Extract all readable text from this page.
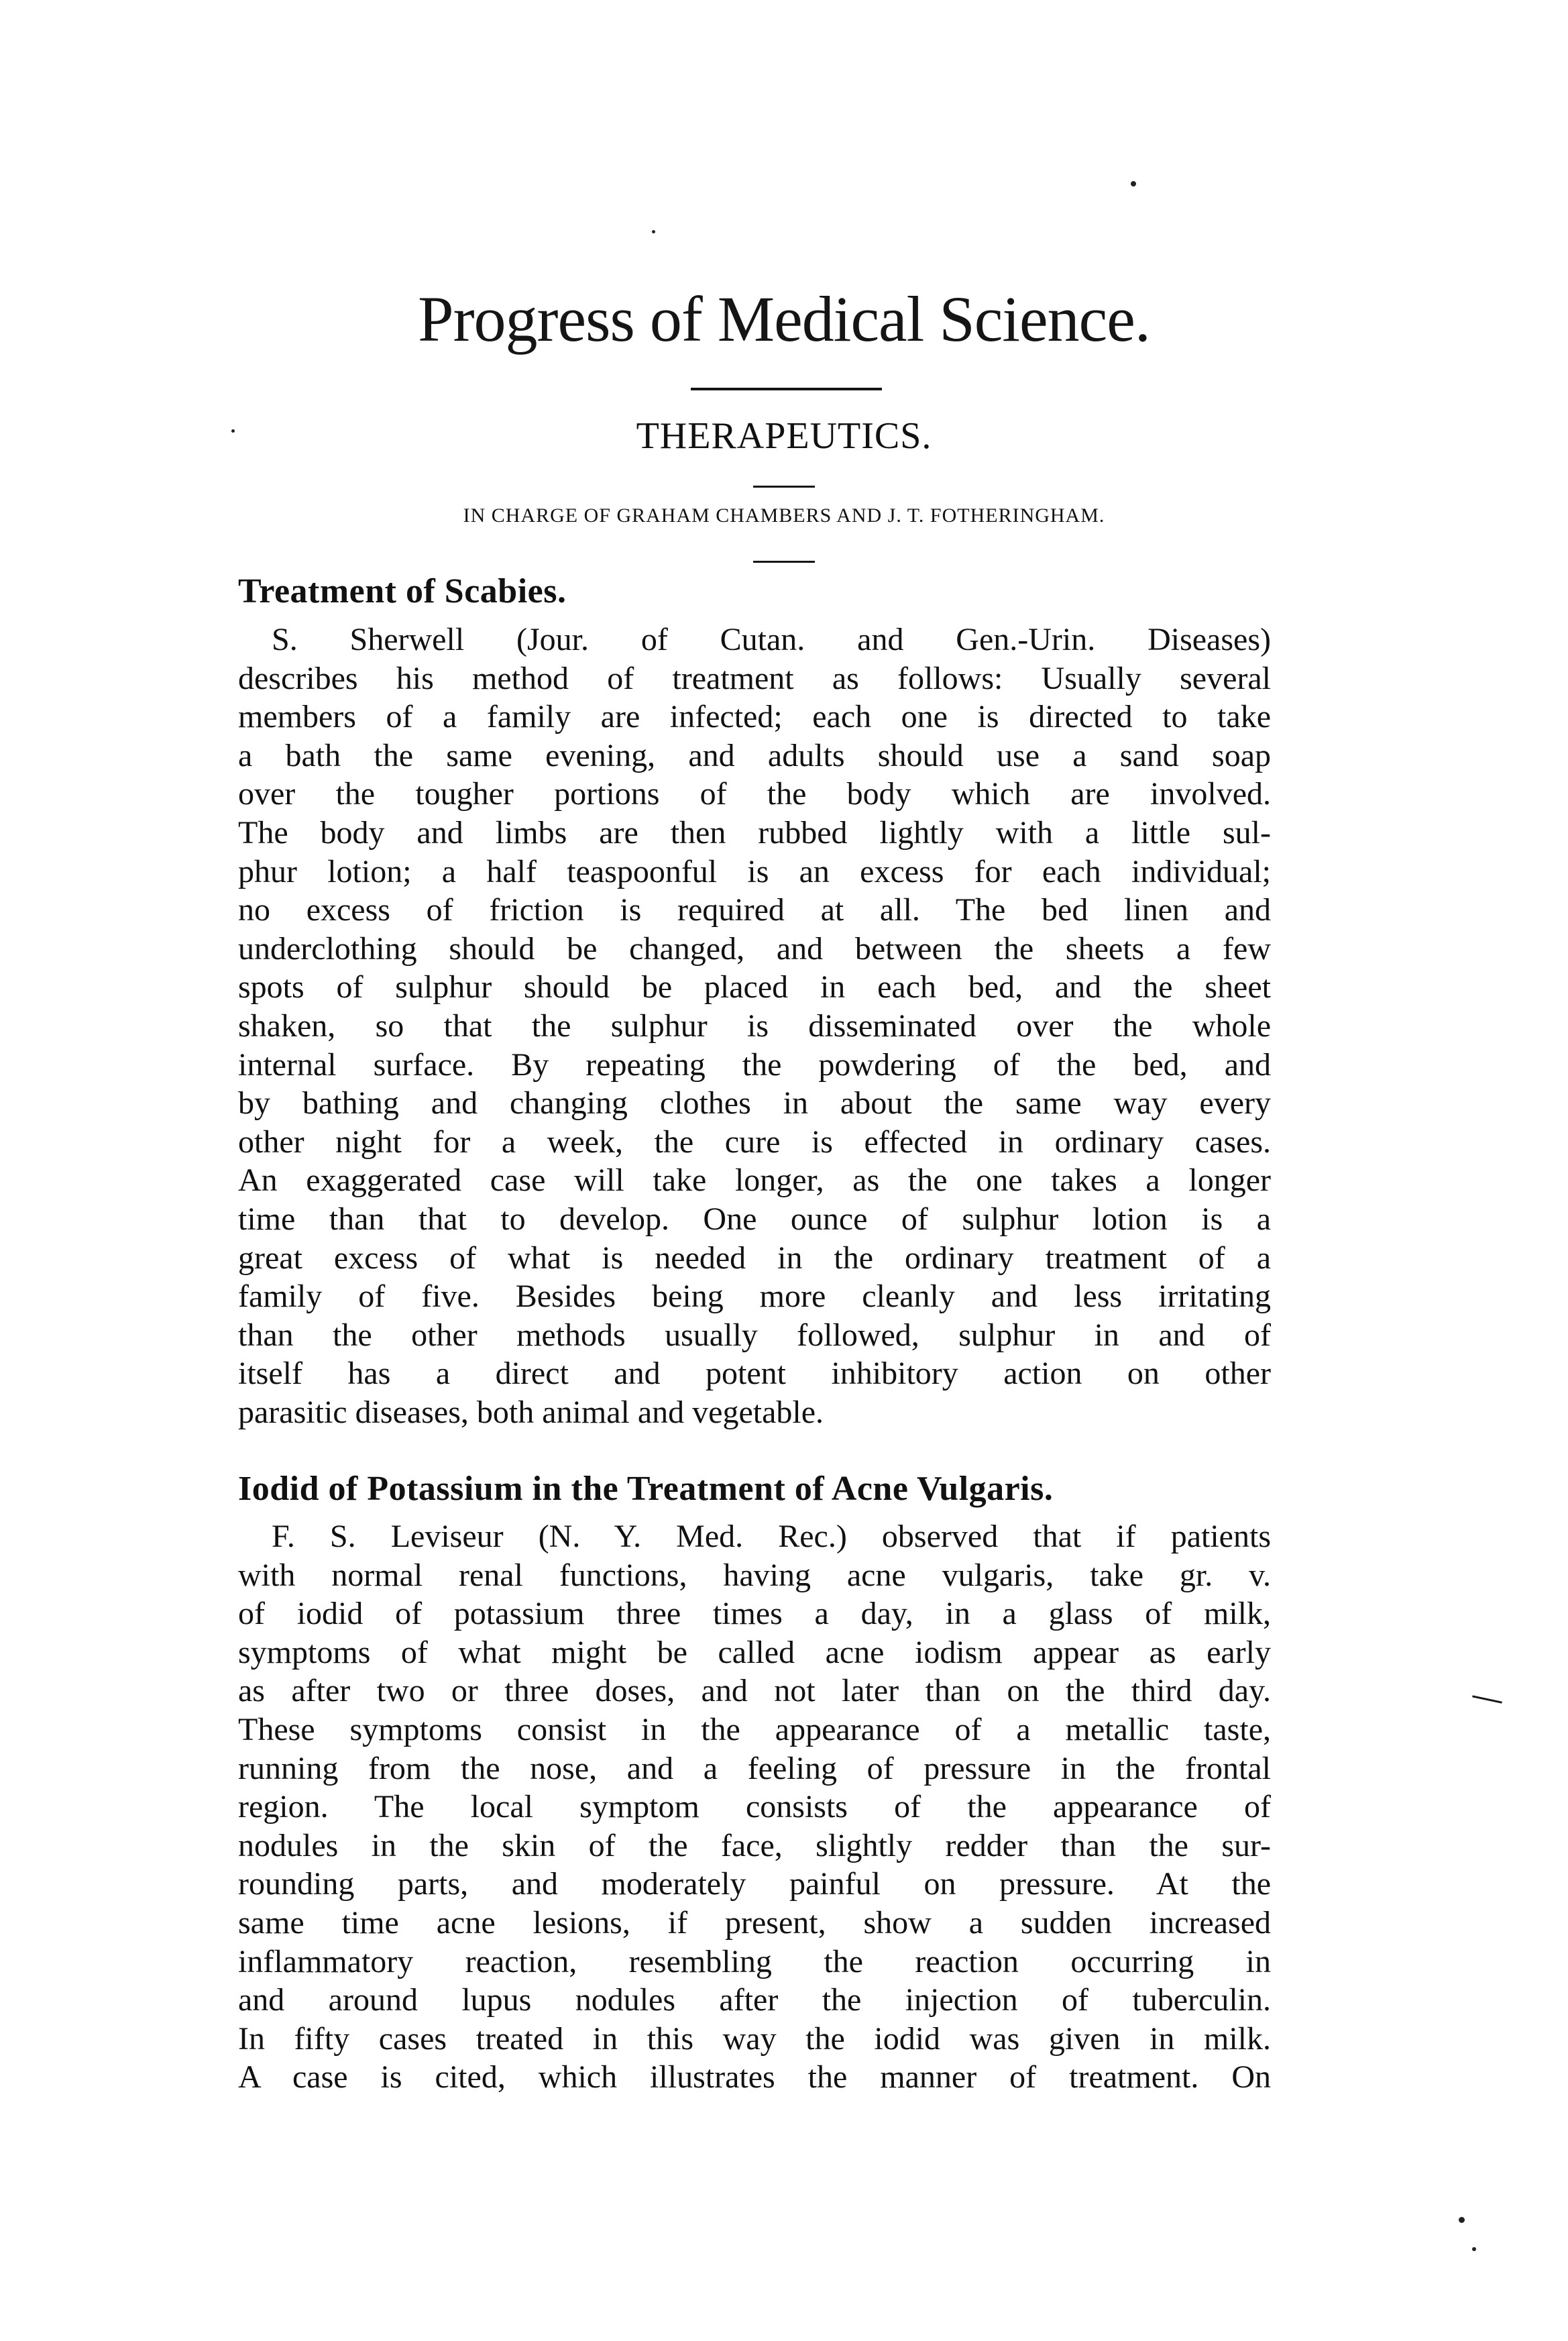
Progress of Medical Science.
THERAPEUTICS.
IN CHARGE OF GRAHAM CHAMBERS AND J. T. FOTHERINGHAM.
Treatment of Scabies.
S. Sherwell (Jour. of Cutan. and Gen.-Urin. Diseases)
describes his method of treatment as follows: Usually several
members of a family are infected; each one is directed to take
a bath the same evening, and adults should use a sand soap
over the tougher portions of the body which are involved.
The body and limbs are then rubbed lightly with a little sul-
phur lotion; a half teaspoonful is an excess for each individual;
no excess of friction is required at all. The bed linen and
underclothing should be changed, and between the sheets a few
spots of sulphur should be placed in each bed, and the sheet
shaken, so that the sulphur is disseminated over the whole
internal surface. By repeating the powdering of the bed, and
by bathing and changing clothes in about the same way every
other night for a week, the cure is effected in ordinary cases.
An exaggerated case will take longer, as the one takes a longer
time than that to develop. One ounce of sulphur lotion is a
great excess of what is needed in the ordinary treatment of a
family of five. Besides being more cleanly and less irritating
than the other methods usually followed, sulphur in and of
itself has a direct and potent inhibitory action on other
parasitic diseases, both animal and vegetable.
Iodid of Potassium in the Treatment of Acne Vulgaris.
F. S. Leviseur (N. Y. Med. Rec.) observed that if patients
with normal renal functions, having acne vulgaris, take gr. v.
of iodid of potassium three times a day, in a glass of milk,
symptoms of what might be called acne iodism appear as early
as after two or three doses, and not later than on the third day.
These symptoms consist in the appearance of a metallic taste,
running from the nose, and a feeling of pressure in the frontal
region. The local symptom consists of the appearance of
nodules in the skin of the face, slightly redder than the sur-
rounding parts, and moderately painful on pressure. At the
same time acne lesions, if present, show a sudden increased
inflammatory reaction, resembling the reaction occurring in
and around lupus nodules after the injection of tuberculin.
In fifty cases treated in this way the iodid was given in milk.
A case is cited, which illustrates the manner of treatment. On
